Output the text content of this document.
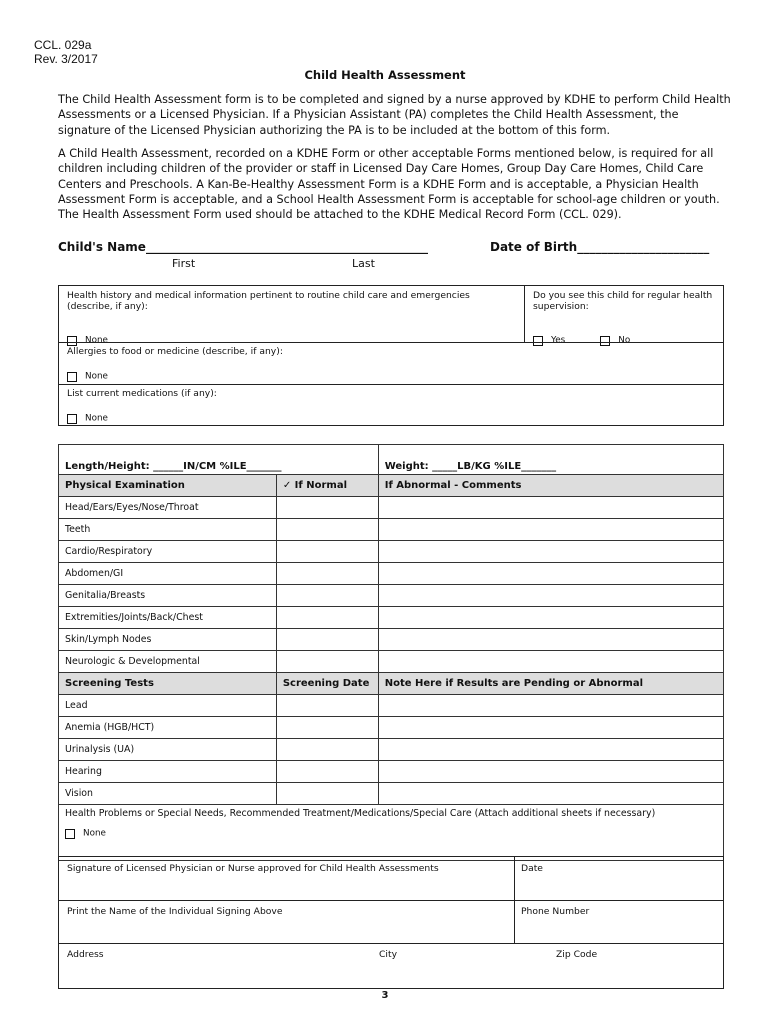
CCL. 029a
Rev. 3/2017
Child Health Assessment
The Child Health Assessment form is to be completed and signed by a nurse approved by KDHE to perform Child Health Assessments or a Licensed Physician. If a Physician Assistant (PA) completes the Child Health Assessment, the signature of the Licensed Physician authorizing the PA is to be included at the bottom of this form.
A Child Health Assessment, recorded on a KDHE Form or other acceptable Forms mentioned below, is required for all children including children of the provider or staff in Licensed Day Care Homes, Group Day Care Homes, Child Care Centers and Preschools. A Kan-Be-Healthy Assessment Form is a KDHE Form and is acceptable, a Physician Health Assessment Form is acceptable, and a School Health Assessment Form is acceptable for school-age children or youth. The Health Assessment Form used should be attached to the KDHE Medical Record Form (CCL. 029).
Child's Name_______________________________________________	Date of Birth______________________
First	Last
Health history and medical information pertinent to routine child care and emergencies (describe, if any):
None
Do you see this child for regular health supervision:
Yes	No
Allergies to food or medicine (describe, if any):
None
List current medications (if any):
None
Length/Height: ______IN/CM %ILE_______		Weight: _____LB/KG %ILE_______
Physical Examination	✓ If Normal	If Abnormal - Comments
Head/Ears/Eyes/Nose/Throat		
Teeth		
Cardio/Respiratory		
Abdomen/GI		
Genitalia/Breasts		
Extremities/Joints/Back/Chest		
Skin/Lymph Nodes		
Neurologic & Developmental		
Screening Tests	Screening Date	Note Here if Results are Pending or Abnormal
Lead		
Anemia (HGB/HCT)		
Urinalysis (UA)		
Hearing		
Vision		

Health Problems or Special Needs, Recommended Treatment/Medications/Special Care (Attach additional sheets if necessary)
None		
Signature of Licensed Physician or Nurse approved for Child Health Assessments	Date
Print the Name of the Individual Signing Above	Phone Number
Address	City	Zip Code
3
